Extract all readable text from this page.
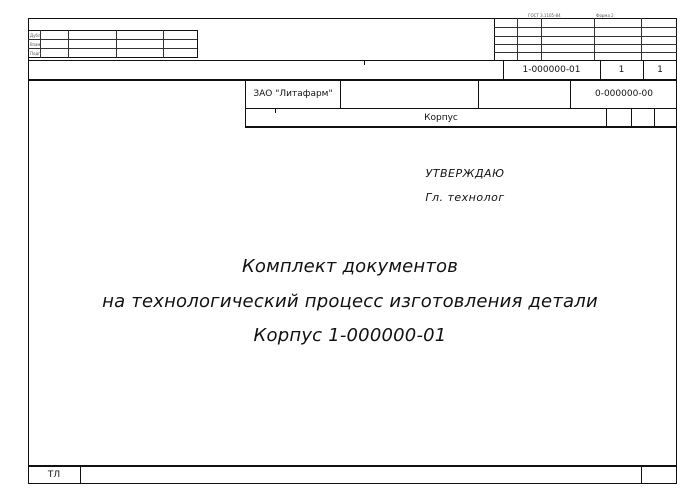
Дубл
Взам
Подп
ГОСТ 3.1105-84	Форма 2
1-000000-01	1	1
ЗАО "Литафарм"	0-000000-00
Корпус
УТВЕРЖДАЮ
Гл. технолог
Комплект документов
на технологический процесс изготовления детали
Корпус 1-000000-01
ТЛ
